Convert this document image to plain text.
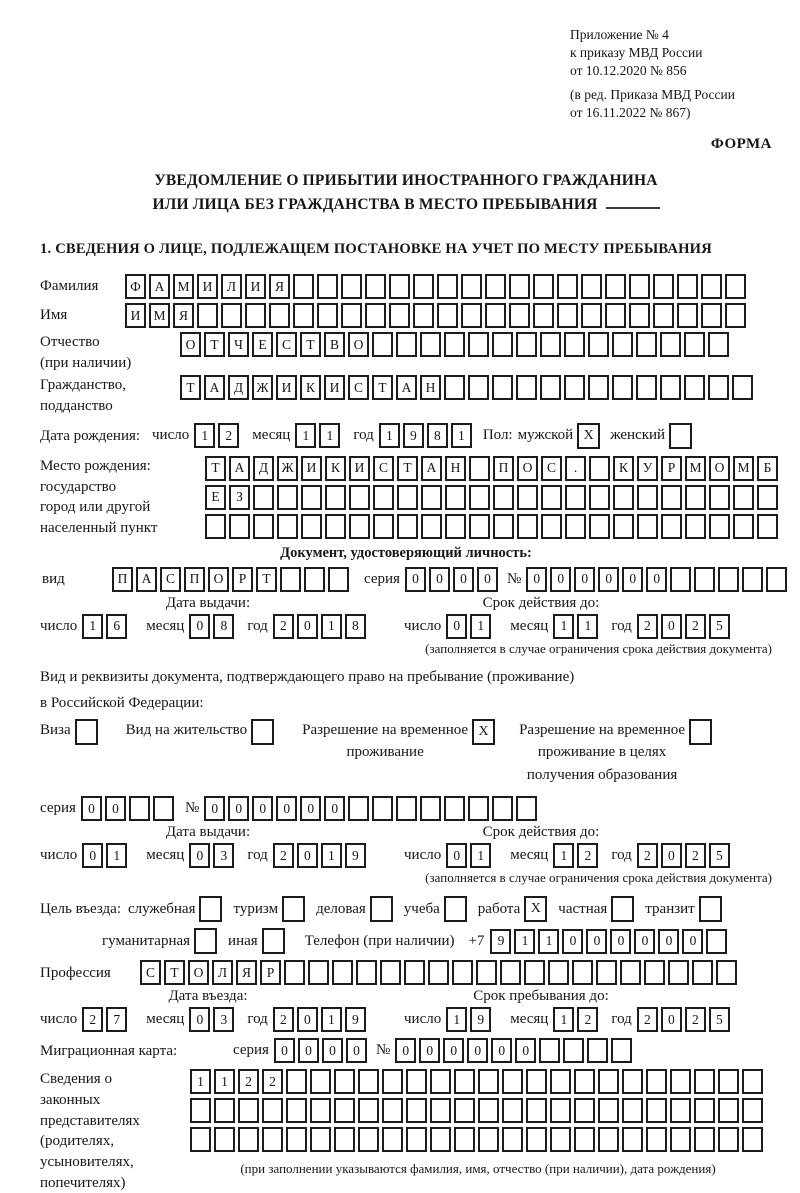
Приложение № 4
к приказу МВД России
от 10.12.2020 № 856
(в ред. Приказа МВД России
от 16.11.2022 № 867)
ФОРМА
УВЕДОМЛЕНИЕ О ПРИБЫТИИ ИНОСТРАННОГО ГРАЖДАНИНА
ИЛИ ЛИЦА БЕЗ ГРАЖДАНСТВА В МЕСТО ПРЕБЫВАНИЯ
1. СВЕДЕНИЯ О ЛИЦЕ, ПОДЛЕЖАЩЕМ ПОСТАНОВКЕ НА УЧЕТ ПО МЕСТУ ПРЕБЫВАНИЯ
Фамилия	Ф	А М И	Л	И	Я
Имя	И М Я
Отчество
(при наличии)
О	Т	Ч	Е	С	Т	В	О
Гражданство,
подданство
Т	А	Д Ж И	К	И	С	Т	А	Н
Дата рождения: число 1	2	месяц 1	1	год 1	9	8	1	Пол: мужской X	женский
Место рождения:
государство
город или другой
населенный пункт
Т	А	Д Ж И	К	И	С	Т	А	Н	П	О	С	.	К	У	Р	М О М	Б
Е	З
Документ, удостоверяющий личность:
вид	П	А	С	П	О	Р	Т	серия 0	0	0	0	№ 0	0	0	0	0	0
Дата выдачи:	Срок действия до:
число 1	6	месяц 0	8	год 2	0	1	8	число 0	1	месяц 1	1	год 2	0	2	5
(заполняется в случае ограничения срока действия документа)
Вид и реквизиты документа, подтверждающего право на пребывание (проживание)
в Российской Федерации:
Виза	Вид на жительство	Разрешение на временное
проживание
X	Разрешение на временное
проживание в целях
получения образования
серия 0	0	№ 0	0	0	0	0	0
Дата выдачи:	Срок действия до:
число 0	1	месяц 0	3	год 2	0	1	9	число 0	1	месяц 1	2	год 2	0	2	5
(заполняется в случае ограничения срока действия документа)
Цель въезда: служебная	туризм	деловая	учеба	работа X	частная	транзит
гуманитарная	иная	Телефон (при наличии) +7 9	1	1	0	0	0	0	0	0
Профессия	С	Т	О	Л	Я	Р
Дата въезда:	Срок пребывания до:
число 2	7	месяц 0	3	год 2	0	1	9	число 1	9	месяц 1	2	год 2	0	2	5
Миграционная карта:	серия 0	0	0	0	№ 0	0	0	0	0	0
Сведения о
законных
представителях
(родителях,
усыновителях,
попечителях)
1	1	2	2
(при заполнении указываются фамилия, имя, отчество (при наличии), дата рождения)
